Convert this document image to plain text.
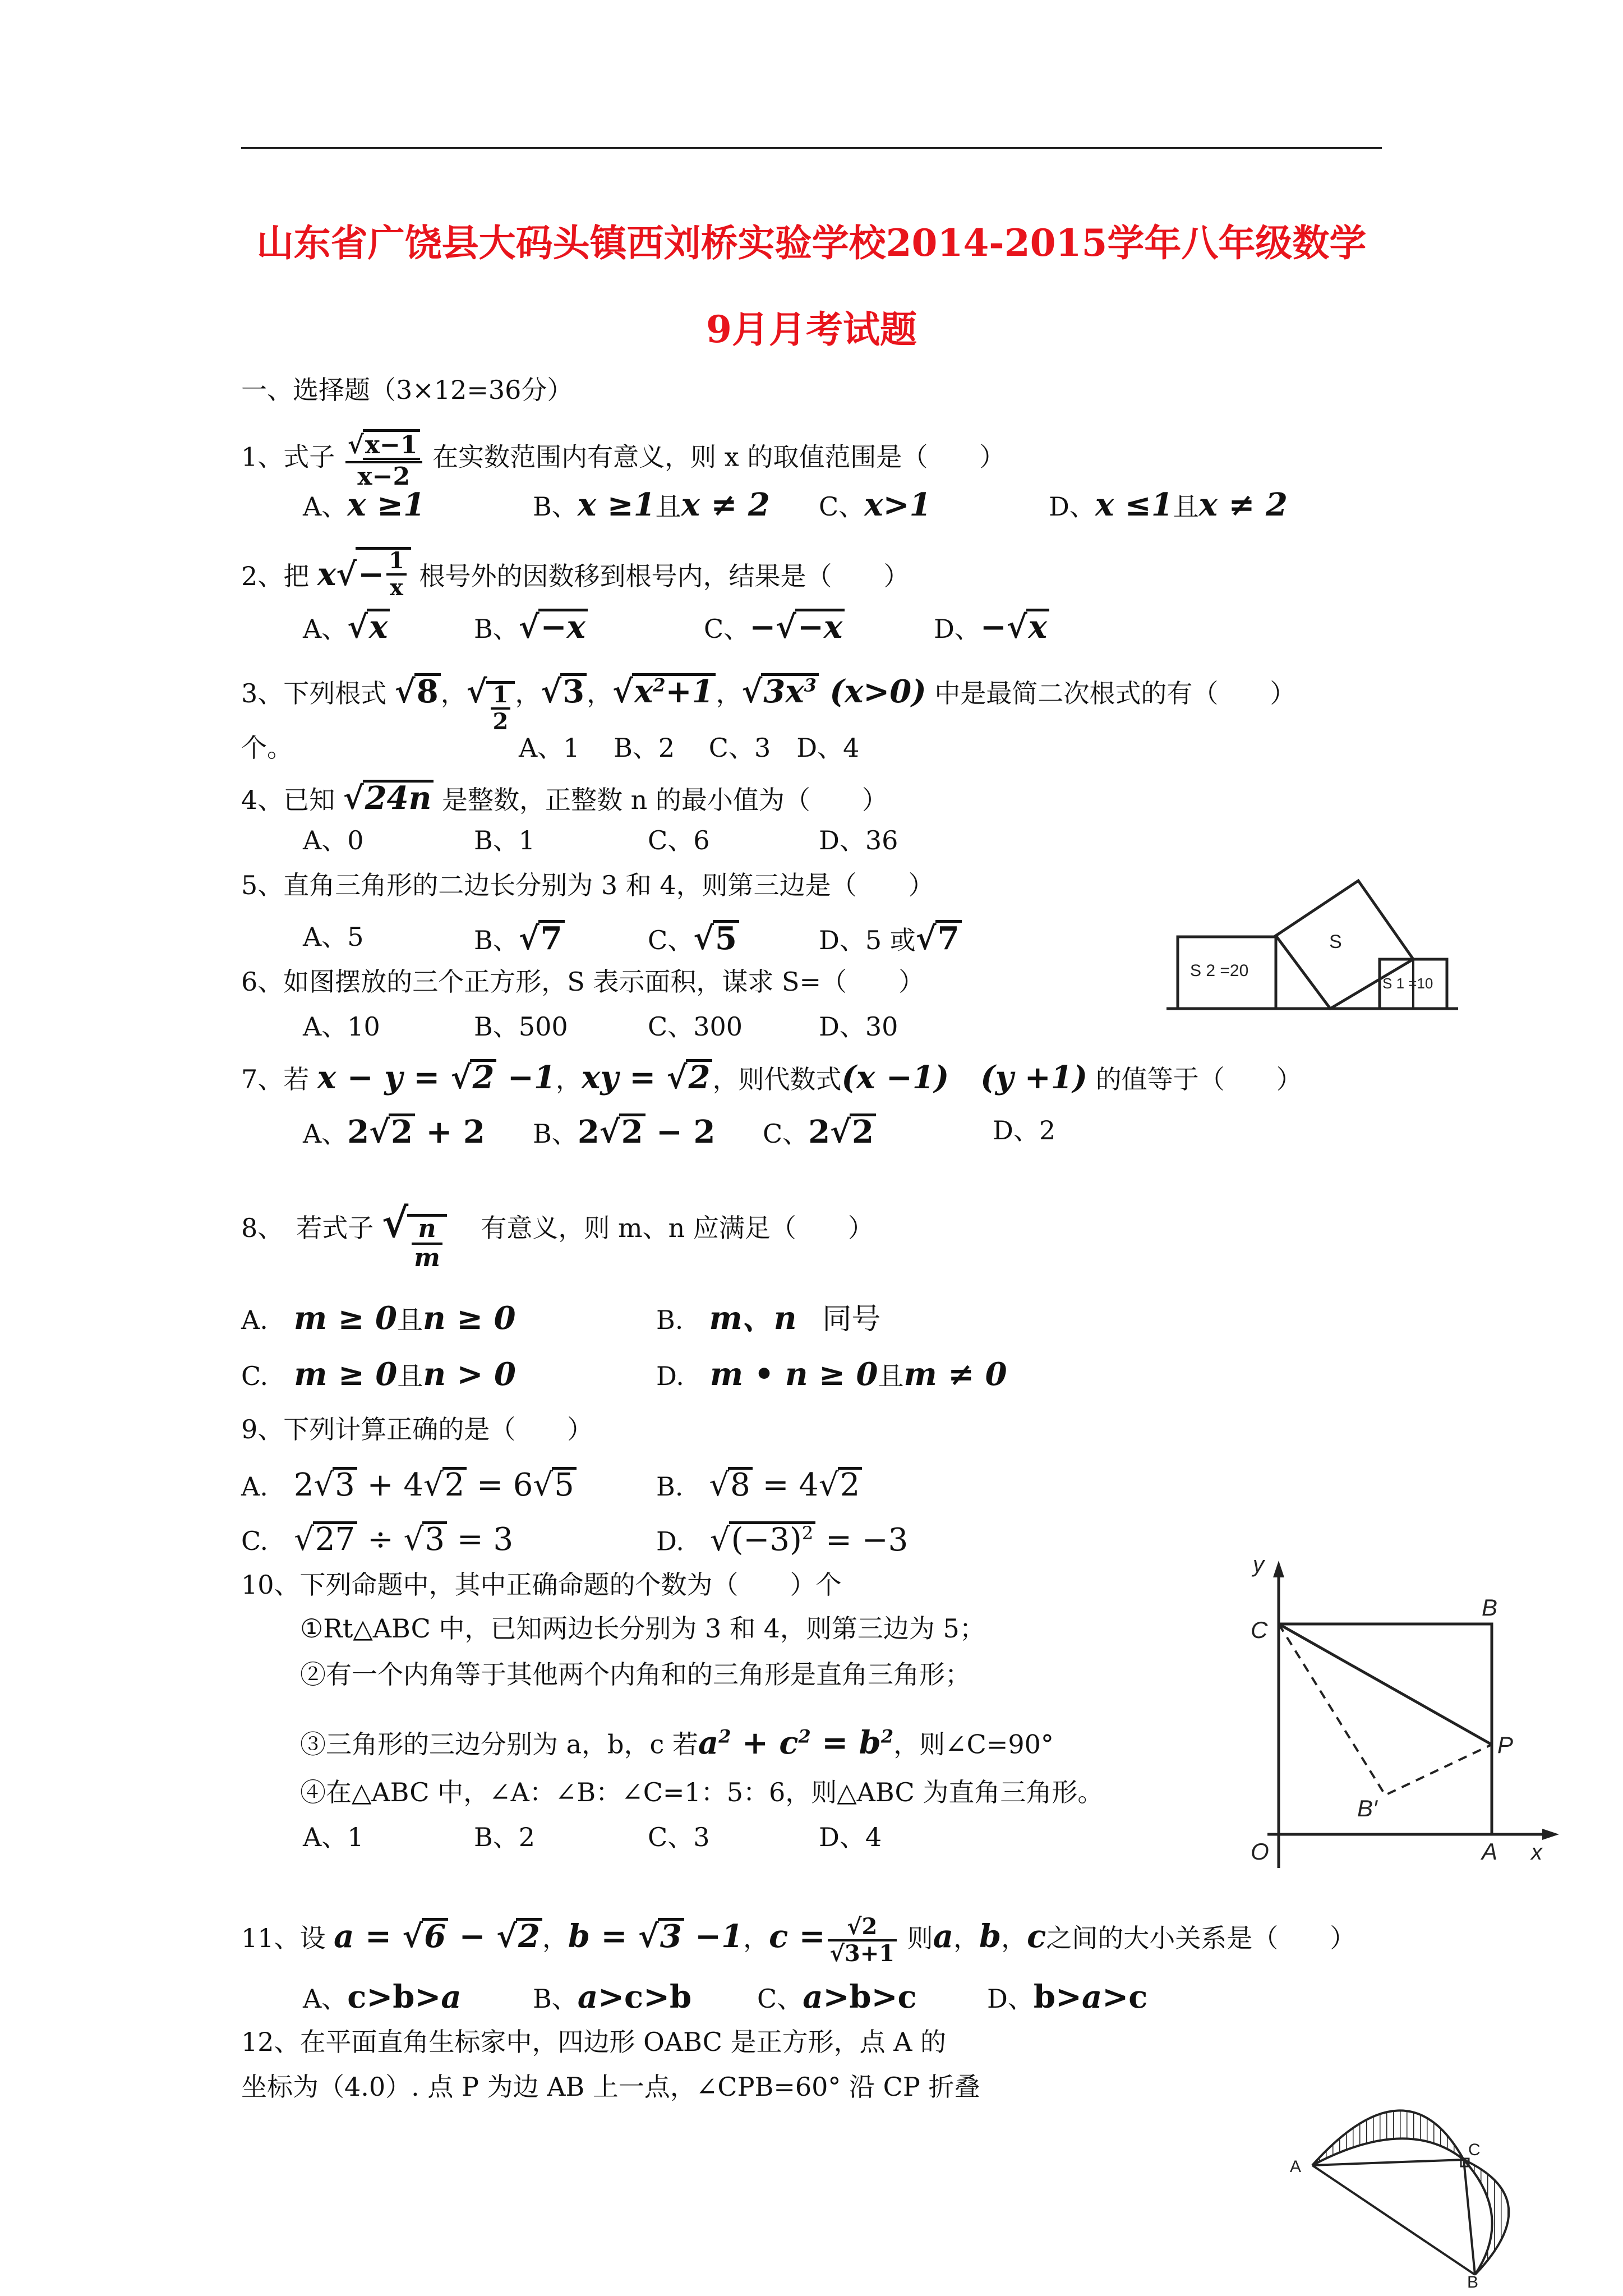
山东省广饶县大码头镇西刘桥实验学校2014-2015学年八年级数学
9月月考试题
一、选择题（3×12=36分）
1、式子 $\frac{√x-1}{x-2}$ 在实数范围内有意义，则 x 的取值范围是（　　）
A、x ≥1	B、x ≥1且x ≠ 2 C、x>1	D、x ≤1且x ≠ 2
2、把 $x√- \frac{1}{x}$ 根号外的因数移到根号内，结果是（　　）
A、√x	B、√−x	C、−√−x	D、−√x
3、下列根式 √8，√ $\frac{1}{2}$ ，√3，$√x^2+1$，$√3x^3$ (x>0) 中是最简二次根式的有（　　）
个。	A、1　 B、2　 C、3　D、4
4、已知 √24n 是整数，正整数 n 的最小值为（　　）
A、0	B、1	C、6	D、36
5、直角三角形的二边长分别为 3 和 4，则第三边是（　　）
A、5	B、√7	C、√5	D、5 或√7
6、如图摆放的三个正方形，S 表示面积，谋求 S=（　　）
A、10	B、500	C、300	D、30
S 2 =20
S
S 1 =10
7、若 x − y = √2 −1，xy = √2，则代数式(x −1)　(y +1) 的值等于（　　）
A、2√2 + 2 B、2√2 − 2 C、2√2	D、2
8、　 若式子 √ $\frac{n}{m}$
　 有意义，则 m、n 应满足（　　）
A.　 m ≥ 0且n ≥ 0	B.　 m、n　 同号
C.　 m ≥ 0且n > 0	D.　 m • n ≥ 0且m ≠ 0
9、下列计算正确的是（　　）
A.　 2√3 + 4√2 = 6√5	B.　 √8 = 4√2
C.　 √27 ÷ √3 = 3	D.　 $√(-3)^2 = -3$
10、下列命题中，其中正确命题的个数为（　　）个
①Rt△ABC 中，已知两边长分别为 3 和 4，则第三边为 5；
②有一个内角等于其他两个内角和的三角形是直角三角形；
③三角形的三边分别为 a，b，c 若$a^2 + c^2 = b^2$，则∠C=90°
④在△ABC 中，∠A：∠B：∠C=1：5：6，则△ABC 为直角三角形。
A、1	B、2	C、3	D、4
y
x
O	A
B
C
P
B′
11、设 a = √6 − √2，b = √3 −1，$c = \frac{√2}{√3+1}$ 则a，b，c之间的大小关系是（　　）
A、c>b>a	B、a>c>b	C、a>b>c	D、b>a>c
12、在平面直角生标家中，四边形 OABC 是正方形，点 A 的
坐标为（4.0）. 点 P 为边 AB 上一点，∠CPB=60° 沿 CP 折叠
A
C
B
